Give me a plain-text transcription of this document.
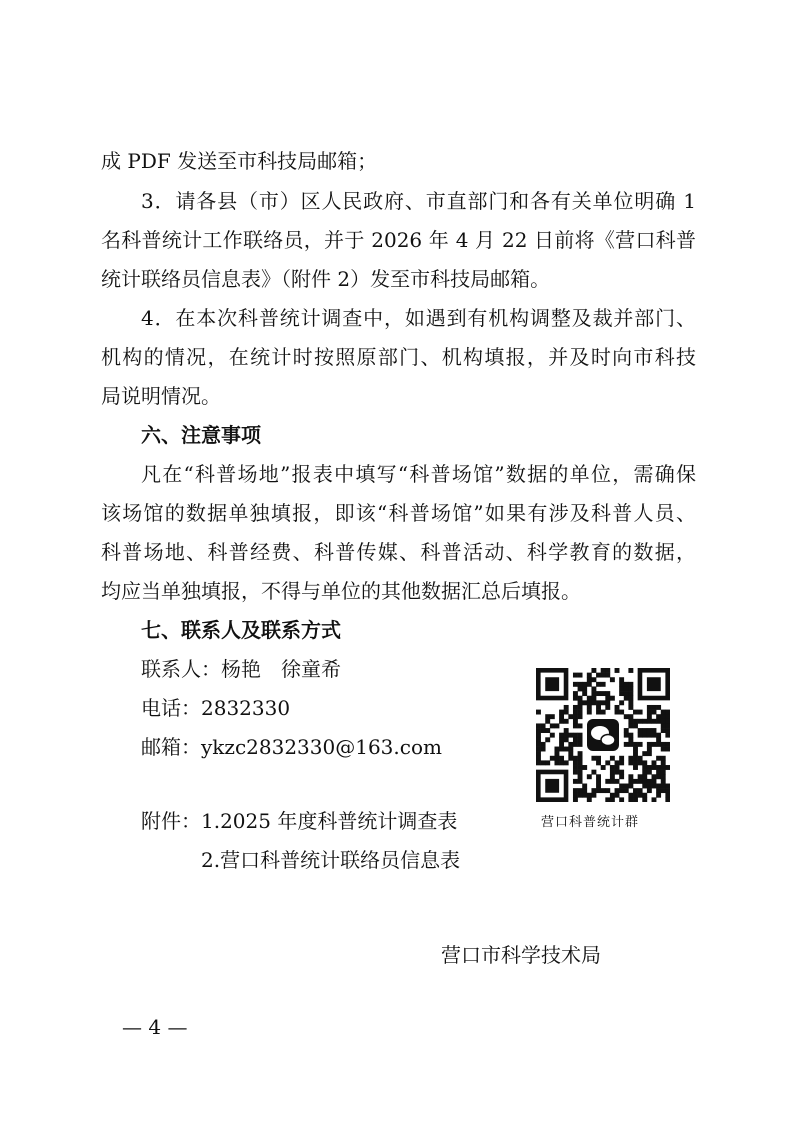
成 PDF 发送至市科技局邮箱；
3．请各县（市）区人民政府、市直部门和各有关单位明确 1
名科普统计工作联络员，并于 2026 年 4 月 22 日前将《营口科普
统计联络员信息表》（附件 2）发至市科技局邮箱。
4．在本次科普统计调查中，如遇到有机构调整及裁并部门、
机构的情况，在统计时按照原部门、机构填报，并及时向市科技
局说明情况。
六、注意事项
凡在“科普场地”报表中填写“科普场馆”数据的单位，需确保
该场馆的数据单独填报，即该“科普场馆”如果有涉及科普人员、
科普场地、科普经费、科普传媒、科普活动、科学教育的数据，
均应当单独填报，不得与单位的其他数据汇总后填报。
七、联系人及联系方式
联系人：杨艳　徐童希
电话：2832330
邮箱：ykzc2832330@163.com
附件：1.2025 年度科普统计调查表
2.营口科普统计联络员信息表
营口科普统计群
营口市科学技术局
— 4 —
